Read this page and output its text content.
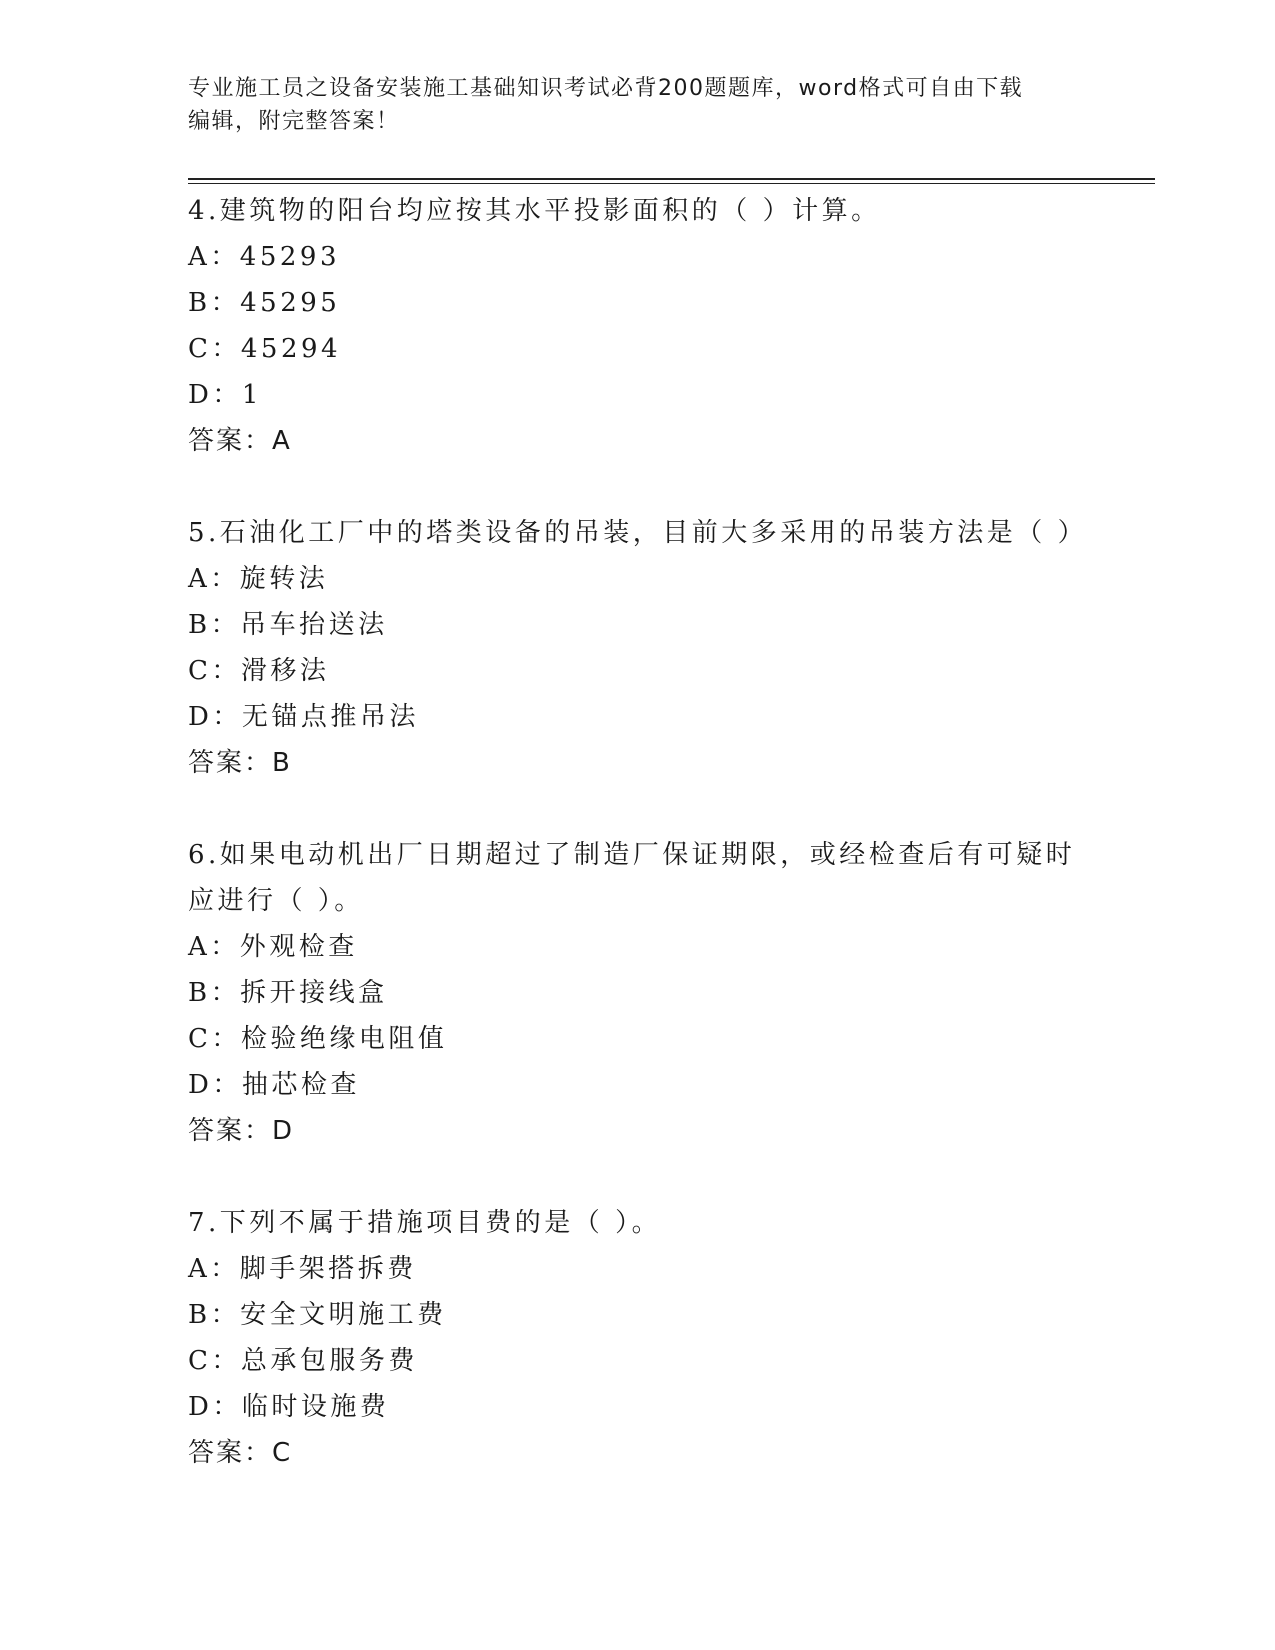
专业施工员之设备安装施工基础知识考试必背200题题库，word格式可自由下载
编辑，附完整答案！
4.建筑物的阳台均应按其水平投影面积的（ ）计算。
A：45293
B：45295
C：45294
D：1
答案：A
5.石油化工厂中的塔类设备的吊装，目前大多采用的吊装方法是（ ）
A：旋转法
B：吊车抬送法
C：滑移法
D：无锚点推吊法
答案：B
6.如果电动机出厂日期超过了制造厂保证期限，或经检查后有可疑时
应进行（ ）。
A：外观检查
B：拆开接线盒
C：检验绝缘电阻值
D：抽芯检查
答案：D
7.下列不属于措施项目费的是（ ）。
A：脚手架搭拆费
B：安全文明施工费
C：总承包服务费
D：临时设施费
答案：C
